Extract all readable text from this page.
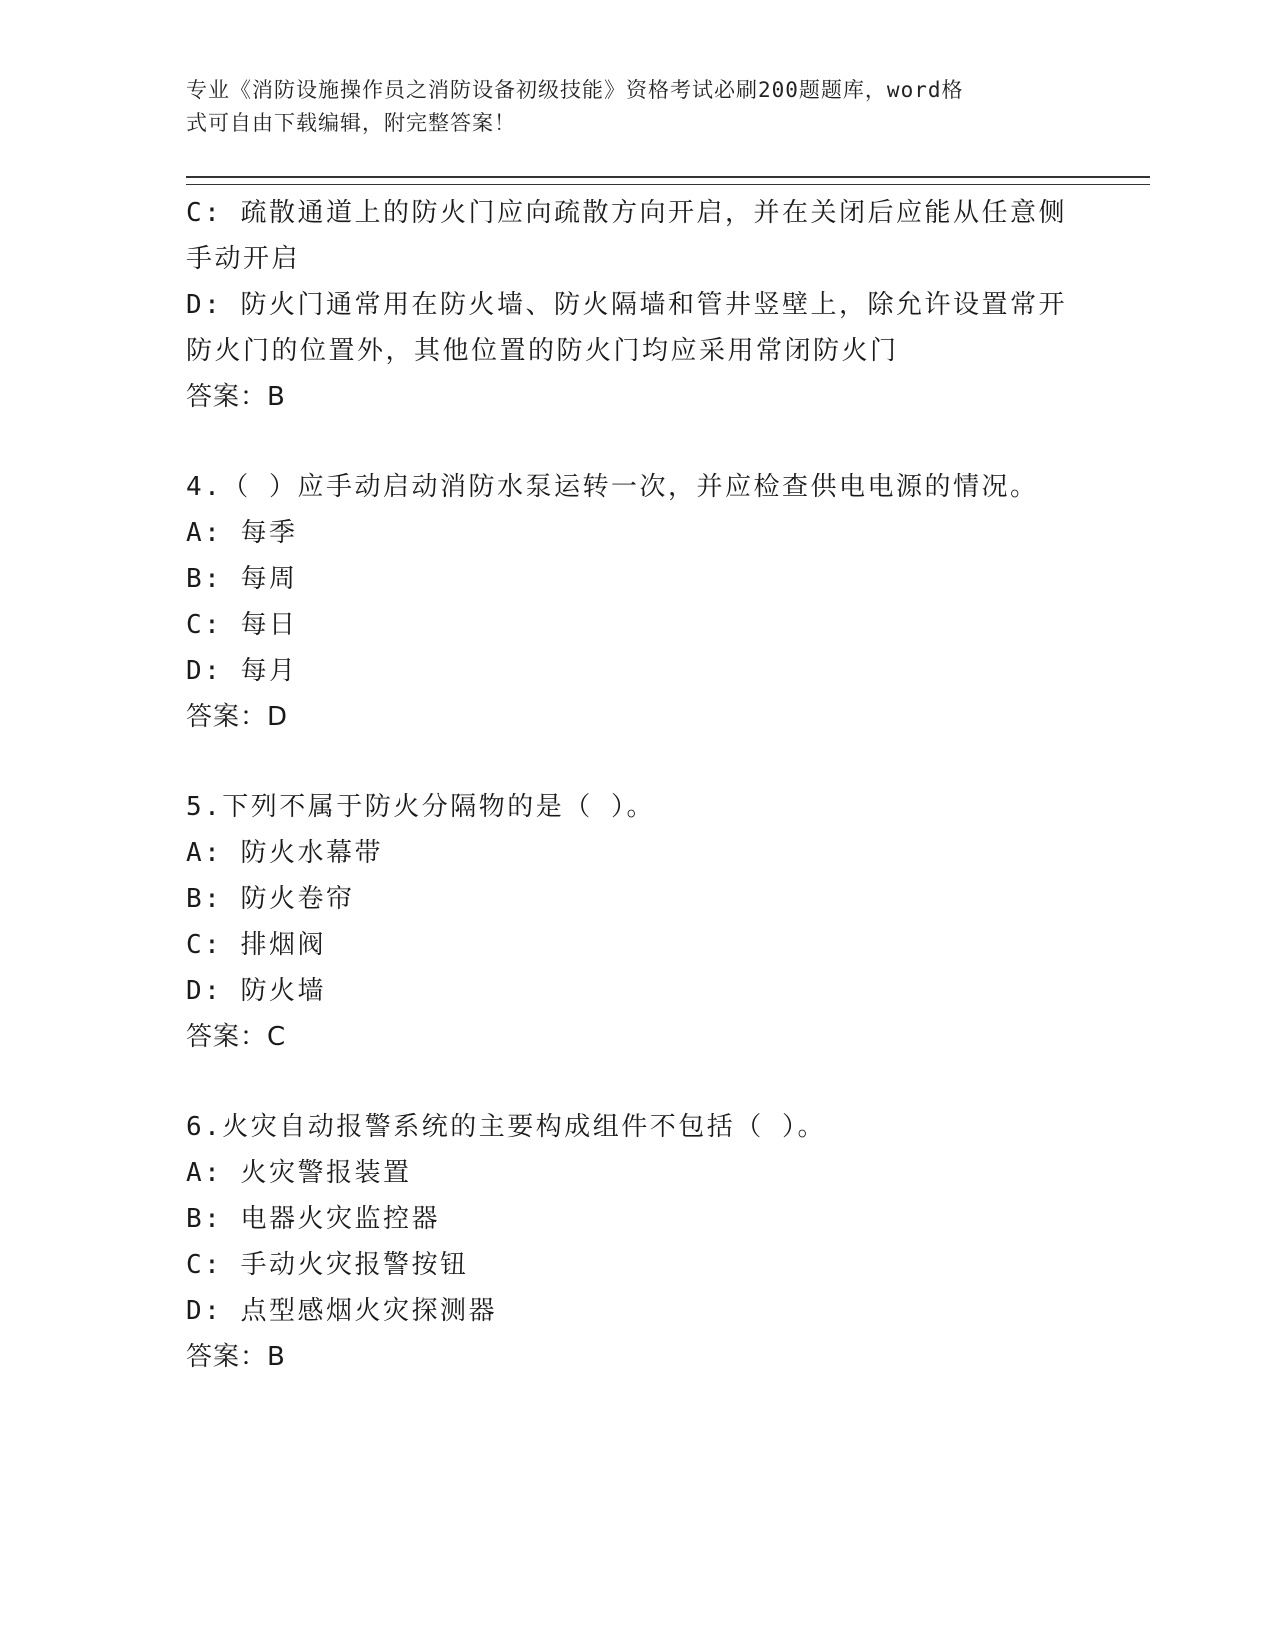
专业《消防设施操作员之消防设备初级技能》资格考试必刷200题题库，word格
式可自由下载编辑，附完整答案！
C: 疏散通道上的防火门应向疏散方向开启，并在关闭后应能从任意侧
手动开启
D: 防火门通常用在防火墙、防火隔墙和管井竖壁上，除允许设置常开
防火门的位置外，其他位置的防火门均应采用常闭防火门
答案：B
4.（ ）应手动启动消防水泵运转一次，并应检查供电电源的情况。
A: 每季
B: 每周
C: 每日
D: 每月
答案：D
5.下列不属于防火分隔物的是（ ）。
A: 防火水幕带
B: 防火卷帘
C: 排烟阀
D: 防火墙
答案：C
6.火灾自动报警系统的主要构成组件不包括（ ）。
A: 火灾警报装置
B: 电器火灾监控器
C: 手动火灾报警按钮
D: 点型感烟火灾探测器
答案：B
